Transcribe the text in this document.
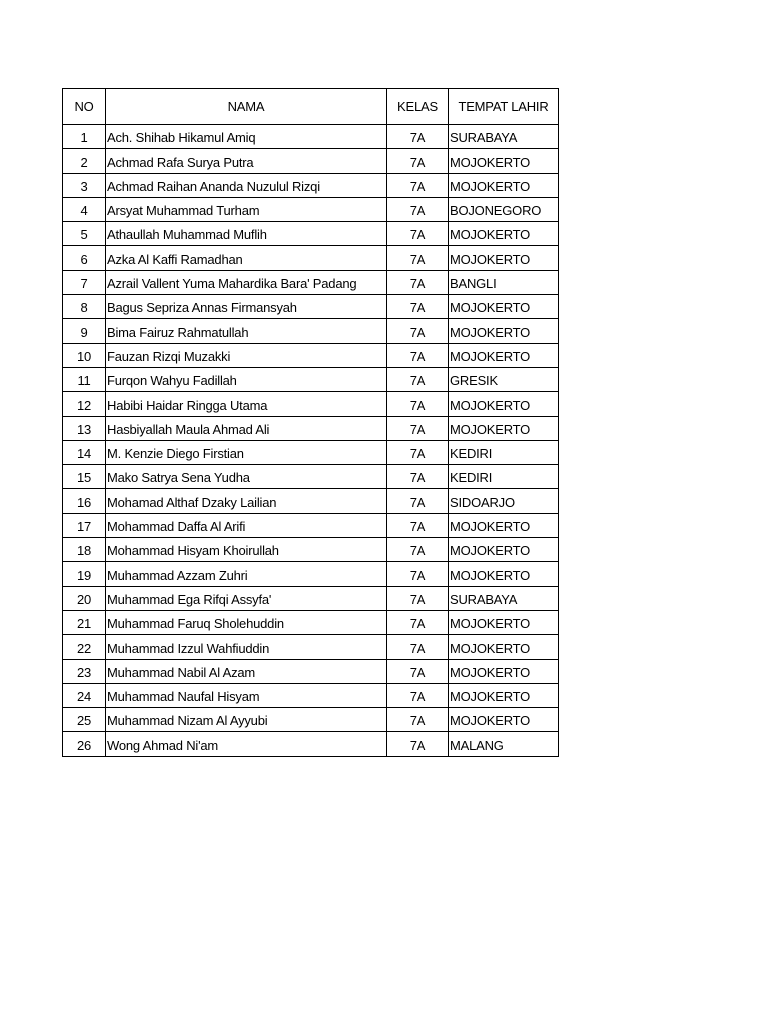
NO	NAMA	KELAS	TEMPAT LAHIR
1	Ach. Shihab Hikamul Amiq	7A	SURABAYA
2	Achmad Rafa Surya Putra	7A	MOJOKERTO
3	Achmad Raihan Ananda Nuzulul Rizqi	7A	MOJOKERTO
4	Arsyat Muhammad Turham	7A	BOJONEGORO
5	Athaullah Muhammad Muflih	7A	MOJOKERTO
6	Azka Al Kaffi Ramadhan	7A	MOJOKERTO
7	Azrail Vallent Yuma Mahardika Bara' Padang	7A	BANGLI
8	Bagus Sepriza Annas Firmansyah	7A	MOJOKERTO
9	Bima Fairuz Rahmatullah	7A	MOJOKERTO
10	Fauzan Rizqi Muzakki	7A	MOJOKERTO
11	Furqon Wahyu Fadillah	7A	GRESIK
12	Habibi Haidar Ringga Utama	7A	MOJOKERTO
13	Hasbiyallah Maula Ahmad Ali	7A	MOJOKERTO
14	M. Kenzie Diego Firstian	7A	KEDIRI
15	Mako Satrya Sena Yudha	7A	KEDIRI
16	Mohamad Althaf Dzaky Lailian	7A	SIDOARJO
17	Mohammad Daffa Al Arifi	7A	MOJOKERTO
18	Mohammad Hisyam Khoirullah	7A	MOJOKERTO
19	Muhammad Azzam Zuhri	7A	MOJOKERTO
20	Muhammad Ega Rifqi Assyfa'	7A	SURABAYA
21	Muhammad Faruq Sholehuddin	7A	MOJOKERTO
22	Muhammad Izzul Wahfiuddin	7A	MOJOKERTO
23	Muhammad Nabil Al Azam	7A	MOJOKERTO
24	Muhammad Naufal Hisyam	7A	MOJOKERTO
25	Muhammad Nizam Al Ayyubi	7A	MOJOKERTO
26	Wong Ahmad Ni'am	7A	MALANG
